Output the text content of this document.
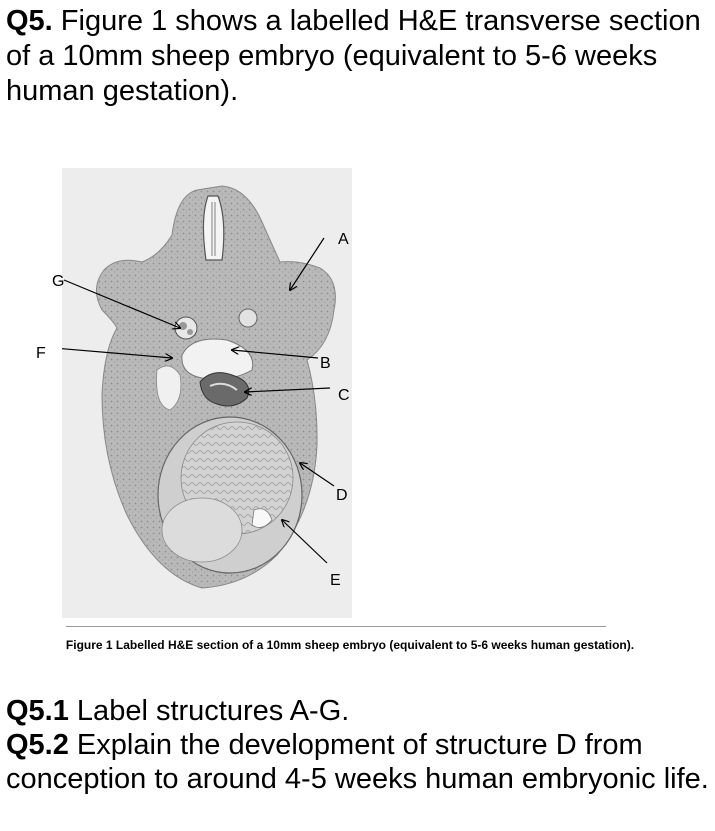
Q5. Figure 1 shows a labelled H&E transverse section of a 10mm sheep embryo (equivalent to 5-6 weeks human gestation).

A
B
C
D
E
F
G
Figure 1 Labelled H&E section of a 10mm sheep embryo (equivalent to 5-6 weeks human gestation).

Q5.1 Label structures A-G.

Q5.2 Explain the development of structure D from conception to around 4-5 weeks human embryonic life.
